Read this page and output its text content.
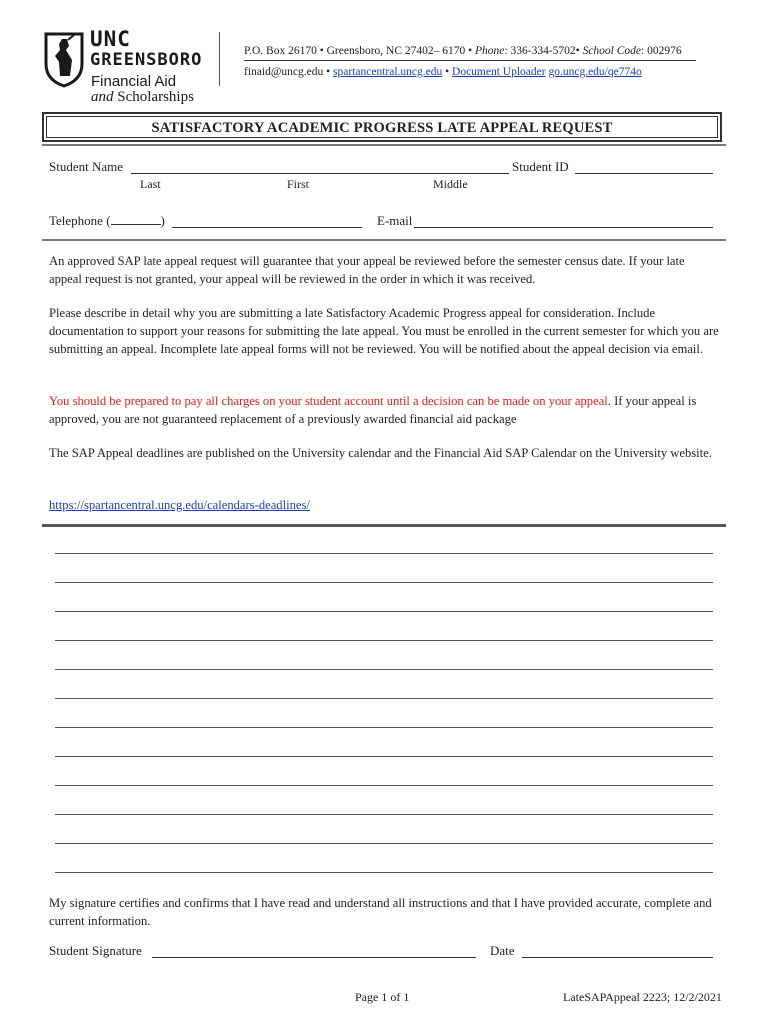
UNC
GREENSBORO
Financial Aid
and Scholarships
P.O. Box 26170 • Greensboro, NC 27402– 6170 • Phone: 336-334-5702• School Code: 002976
finaid@uncg.edu • spartancentral.uncg.edu • Document Uploader go.uncg.edu/qe774o
SATISFACTORY ACADEMIC PROGRESS LATE APPEAL REQUEST
Student Name	Student ID
Last	First	Middle
Telephone (	)	E-mail
An approved SAP late appeal request will guarantee that your appeal be reviewed before the semester census date. If your late appeal request is not granted, your appeal will be reviewed in the order in which it was received.
Please describe in detail why you are submitting a late Satisfactory Academic Progress appeal for consideration. Include documentation to support your reasons for submitting the late appeal. You must be enrolled in the current semester for which you are submitting an appeal. Incomplete late appeal forms will not be reviewed. You will be notified about the appeal decision via email.
You should be prepared to pay all charges on your student account until a decision can be made on your appeal. If your appeal is approved, you are not guaranteed replacement of a previously awarded financial aid package
The SAP Appeal deadlines are published on the University calendar and the Financial Aid SAP Calendar on the University website.
https://spartancentral.uncg.edu/calendars-deadlines/
My signature certifies and confirms that I have read and understand all instructions and that I have provided accurate, complete and current information.
Student Signature	Date
Page 1 of 1	LateSAPAppeal 2223; 12/2/2021
